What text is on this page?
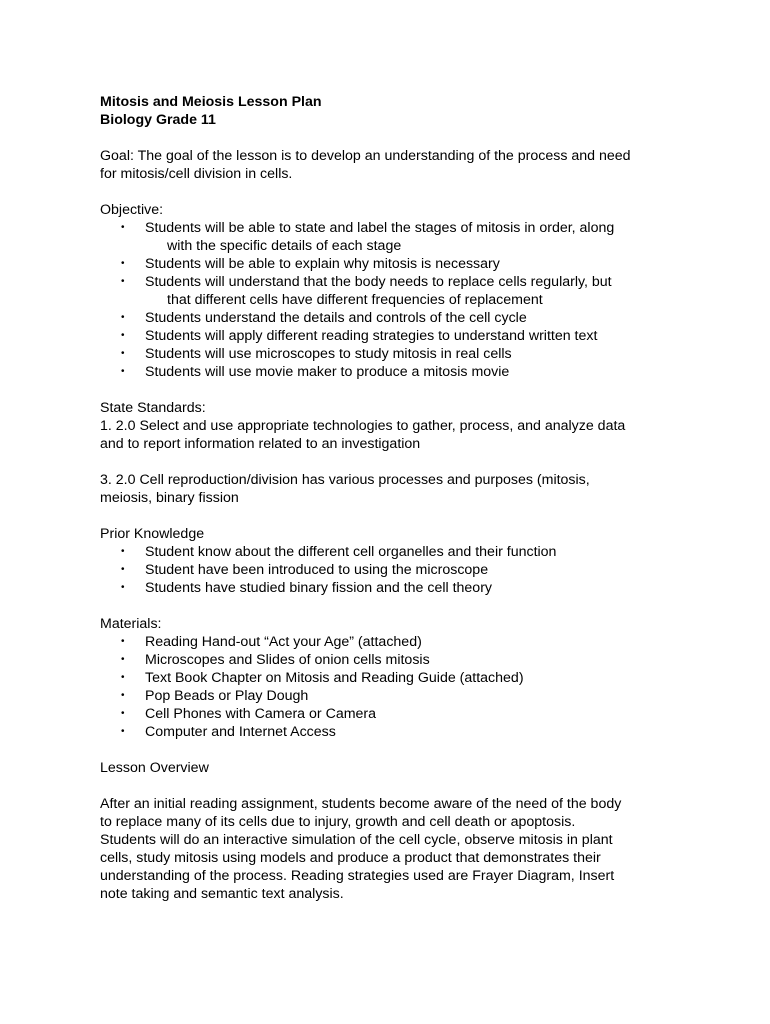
Mitosis and Meiosis Lesson Plan

Biology Grade 11

Goal: The goal of the lesson is to develop an understanding of the process and need

for mitosis/cell division in cells.

Objective:

• Students will be able to state and label the stages of mitosis in order, along
with the specific details of each stage
• Students will be able to explain why mitosis is necessary
• Students will understand that the body needs to replace cells regularly, but
that different cells have different frequencies of replacement
• Students understand the details and controls of the cell cycle
• Students will apply different reading strategies to understand written text
• Students will use microscopes to study mitosis in real cells
• Students will use movie maker to produce a mitosis movie

State Standards:

1. 2.0 Select and use appropriate technologies to gather, process, and analyze data

and to report information related to an investigation

3. 2.0 Cell reproduction/division has various processes and purposes (mitosis,

meiosis, binary fission

Prior Knowledge

• Student know about the different cell organelles and their function
• Student have been introduced to using the microscope
• Students have studied binary fission and the cell theory

Materials:

• Reading Hand-out “Act your Age” (attached)
• Microscopes and Slides of onion cells mitosis
• Text Book Chapter on Mitosis and Reading Guide (attached)
• Pop Beads or Play Dough
• Cell Phones with Camera or Camera
• Computer and Internet Access

Lesson Overview

After an initial reading assignment, students become aware of the need of the body

to replace many of its cells due to injury, growth and cell death or apoptosis.

Students will do an interactive simulation of the cell cycle, observe mitosis in plant

cells, study mitosis using models and produce a product that demonstrates their

understanding of the process. Reading strategies used are Frayer Diagram, Insert

note taking and semantic text analysis.
